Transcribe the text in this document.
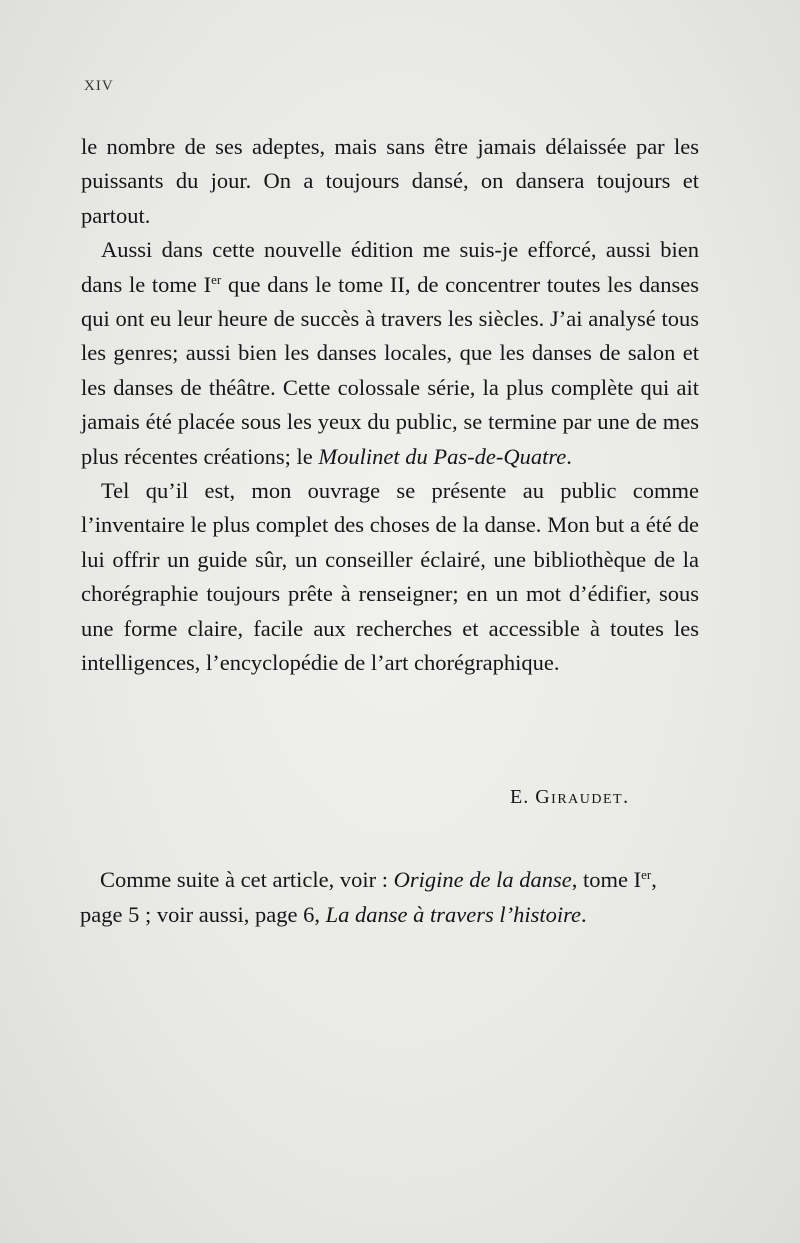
XIV

le nombre de ses adeptes, mais sans être jamais délaissée par les puissants du jour. On a toujours dansé, on dansera toujours et partout.

Aussi dans cette nouvelle édition me suis-je efforcé, aussi bien dans le tome Ier que dans le tome II, de concentrer toutes les danses qui ont eu leur heure de succès à travers les siècles. J’ai analysé tous les genres; aussi bien les danses locales, que les danses de salon et les danses de théâtre. Cette colossale série, la plus complète qui ait jamais été placée sous les yeux du public, se termine par une de mes plus récentes créations; le Moulinet du Pas-de-Quatre.

Tel qu’il est, mon ouvrage se présente au public comme l’inventaire le plus complet des choses de la danse. Mon but a été de lui offrir un guide sûr, un conseiller éclairé, une bibliothèque de la chorégraphie toujours prête à renseigner; en un mot d’édifier, sous une forme claire, facile aux recherches et accessible à toutes les intelligences, l’encyclopédie de l’art chorégraphique.

E. Giraudet.
Comme suite à cet article, voir : Origine de la danse, tome Ier, page 5 ; voir aussi, page 6, La danse à travers l’histoire.
